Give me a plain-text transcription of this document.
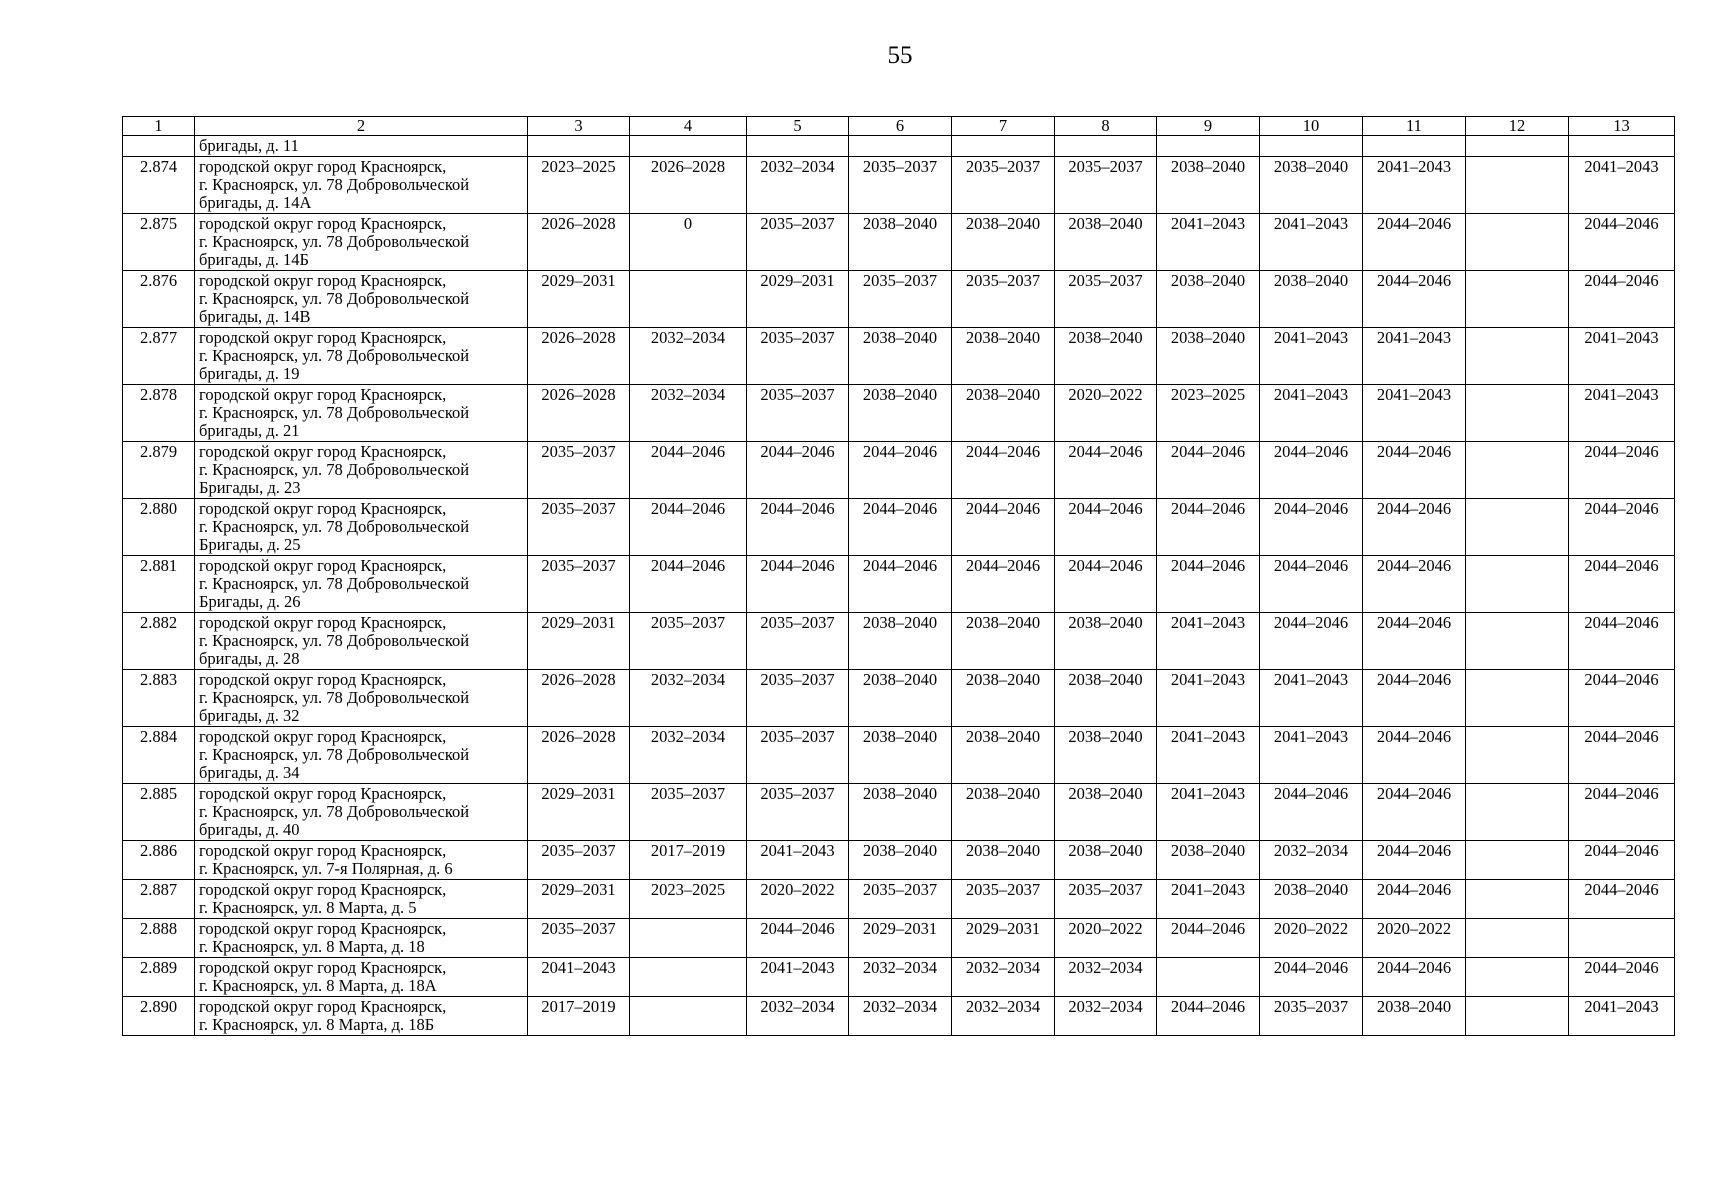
55
1	2	3	4	5	6	7	8	9	10	11	12	13

	бригады, д. 11											

2.874	городской округ город Красноярск,
г. Красноярск, ул. 78 Добровольческой
бригады, д. 14А	2023–2025	2026–2028	2032–2034	2035–2037	2035–2037	2035–2037	2038–2040	2038–2040	2041–2043		2041–2043
2.875	городской округ город Красноярск,
г. Красноярск, ул. 78 Добровольческой
бригады, д. 14Б	2026–2028	0	2035–2037	2038–2040	2038–2040	2038–2040	2041–2043	2041–2043	2044–2046		2044–2046
2.876	городской округ город Красноярск,
г. Красноярск, ул. 78 Добровольческой
бригады, д. 14В	2029–2031		2029–2031	2035–2037	2035–2037	2035–2037	2038–2040	2038–2040	2044–2046		2044–2046
2.877	городской округ город Красноярск,
г. Красноярск, ул. 78 Добровольческой
бригады, д. 19	2026–2028	2032–2034	2035–2037	2038–2040	2038–2040	2038–2040	2038–2040	2041–2043	2041–2043		2041–2043
2.878	городской округ город Красноярск,
г. Красноярск, ул. 78 Добровольческой
бригады, д. 21	2026–2028	2032–2034	2035–2037	2038–2040	2038–2040	2020–2022	2023–2025	2041–2043	2041–2043		2041–2043
2.879	городской округ город Красноярск,
г. Красноярск, ул. 78 Добровольческой
Бригады, д. 23	2035–2037	2044–2046	2044–2046	2044–2046	2044–2046	2044–2046	2044–2046	2044–2046	2044–2046		2044–2046
2.880	городской округ город Красноярск,
г. Красноярск, ул. 78 Добровольческой
Бригады, д. 25	2035–2037	2044–2046	2044–2046	2044–2046	2044–2046	2044–2046	2044–2046	2044–2046	2044–2046		2044–2046
2.881	городской округ город Красноярск,
г. Красноярск, ул. 78 Добровольческой
Бригады, д. 26	2035–2037	2044–2046	2044–2046	2044–2046	2044–2046	2044–2046	2044–2046	2044–2046	2044–2046		2044–2046
2.882	городской округ город Красноярск,
г. Красноярск, ул. 78 Добровольческой
бригады, д. 28	2029–2031	2035–2037	2035–2037	2038–2040	2038–2040	2038–2040	2041–2043	2044–2046	2044–2046		2044–2046
2.883	городской округ город Красноярск,
г. Красноярск, ул. 78 Добровольческой
бригады, д. 32	2026–2028	2032–2034	2035–2037	2038–2040	2038–2040	2038–2040	2041–2043	2041–2043	2044–2046		2044–2046
2.884	городской округ город Красноярск,
г. Красноярск, ул. 78 Добровольческой
бригады, д. 34	2026–2028	2032–2034	2035–2037	2038–2040	2038–2040	2038–2040	2041–2043	2041–2043	2044–2046		2044–2046
2.885	городской округ город Красноярск,
г. Красноярск, ул. 78 Добровольческой
бригады, д. 40	2029–2031	2035–2037	2035–2037	2038–2040	2038–2040	2038–2040	2041–2043	2044–2046	2044–2046		2044–2046
2.886	городской округ город Красноярск,
г. Красноярск, ул. 7-я Полярная, д. 6	2035–2037	2017–2019	2041–2043	2038–2040	2038–2040	2038–2040	2038–2040	2032–2034	2044–2046		2044–2046
2.887	городской округ город Красноярск,
г. Красноярск, ул. 8 Марта, д. 5	2029–2031	2023–2025	2020–2022	2035–2037	2035–2037	2035–2037	2041–2043	2038–2040	2044–2046		2044–2046
2.888	городской округ город Красноярск,
г. Красноярск, ул. 8 Марта, д. 18	2035–2037		2044–2046	2029–2031	2029–2031	2020–2022	2044–2046	2020–2022	2020–2022		
2.889	городской округ город Красноярск,
г. Красноярск, ул. 8 Марта, д. 18А	2041–2043		2041–2043	2032–2034	2032–2034	2032–2034		2044–2046	2044–2046		2044–2046
2.890	городской округ город Красноярск,
г. Красноярск, ул. 8 Марта, д. 18Б	2017–2019		2032–2034	2032–2034	2032–2034	2032–2034	2044–2046	2035–2037	2038–2040		2041–2043
